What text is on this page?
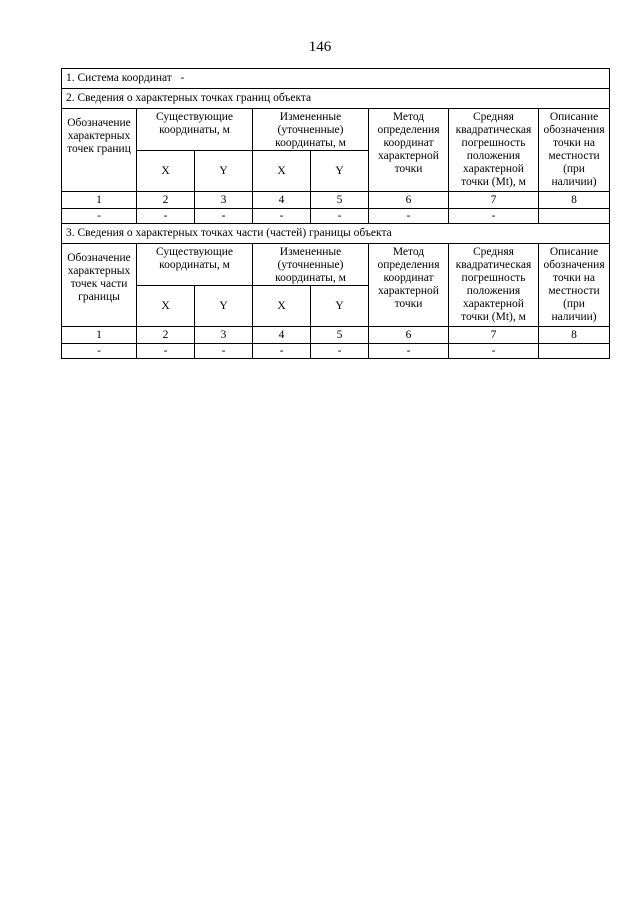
146
1. Система координат -							
2. Сведения о характерных точках границ объекта							
Обозначение характерных точек границ	Существующие координаты, м		Измененные (уточненные) координаты, м		Метод определения координат характерной точки	Средняя квадратическая погрешность положения характерной точки (Mt), м	Описание обозначения точки на местности (при наличии)
	X	Y	X	Y			
1	2	3	4	5	6	7	8
-	-	-	-	-	-	-	
3. Сведения о характерных точках части (частей) границы объекта							
Обозначение характерных точек части границы	Существующие координаты, м		Измененные (уточненные) координаты, м		Метод определения координат характерной точки	Средняя квадратическая погрешность положения характерной точки (Mt), м	Описание обозначения точки на местности (при наличии)
	X	Y	X	Y			
1	2	3	4	5	6	7	8
-	-	-	-	-	-	-	
